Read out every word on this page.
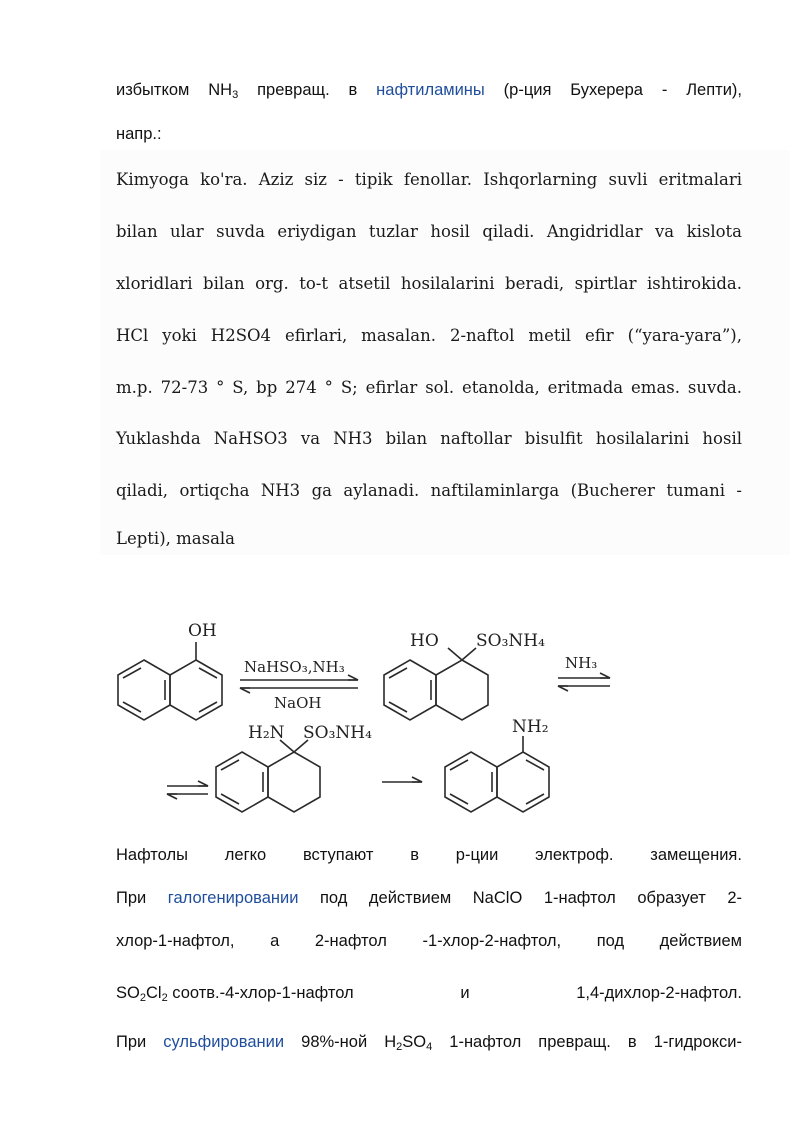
избытком $NH_3$ превращ. в нафтиламины (р-ция Бухерера - Лепти),
напр.:
Kimyoga ko'ra. Aziz siz - tipik fenollar. Ishqorlarning suvli eritmalari
bilan ular suvda eriydigan tuzlar hosil qiladi. Angidridlar va kislota
xloridlari bilan org. to-t atsetil hosilalarini beradi, spirtlar ishtirokida.
HCl yoki H2SO4 efirlari, masalan. 2-naftol metil efir (“yara-yara”),
m.p. 72-73 ° S, bp 274 ° S; efirlar sol. etanolda, eritmada emas. suvda.
Yuklashda NaHSO3 va NH3 bilan naftollar bisulfit hosilalarini hosil
qiladi, ortiqcha NH3 ga aylanadi. naftilaminlarga (Bucherer tumani -
Lepti), masala
OH
NaHSO₃,NH₃
NaOH
HO SO₃NH₄
NH₃
H₂N SO₃NH₄	NH₂
Нафтолы легко вступают в р-ции электроф. замещения.
При галогенировании под действием NaClO 1-нафтол образует 2-
хлор-1-нафтол, а 2-нафтол -1-хлор-2-нафтол, под действием
$SO_2Cl_2$ соотв.-4-хлор-1-нафтол	и	1,4-дихлор-2-нафтол.
При сульфировании 98%-ной $H_2SO_4$ 1-нафтол превращ. в 1-гидрокси-
